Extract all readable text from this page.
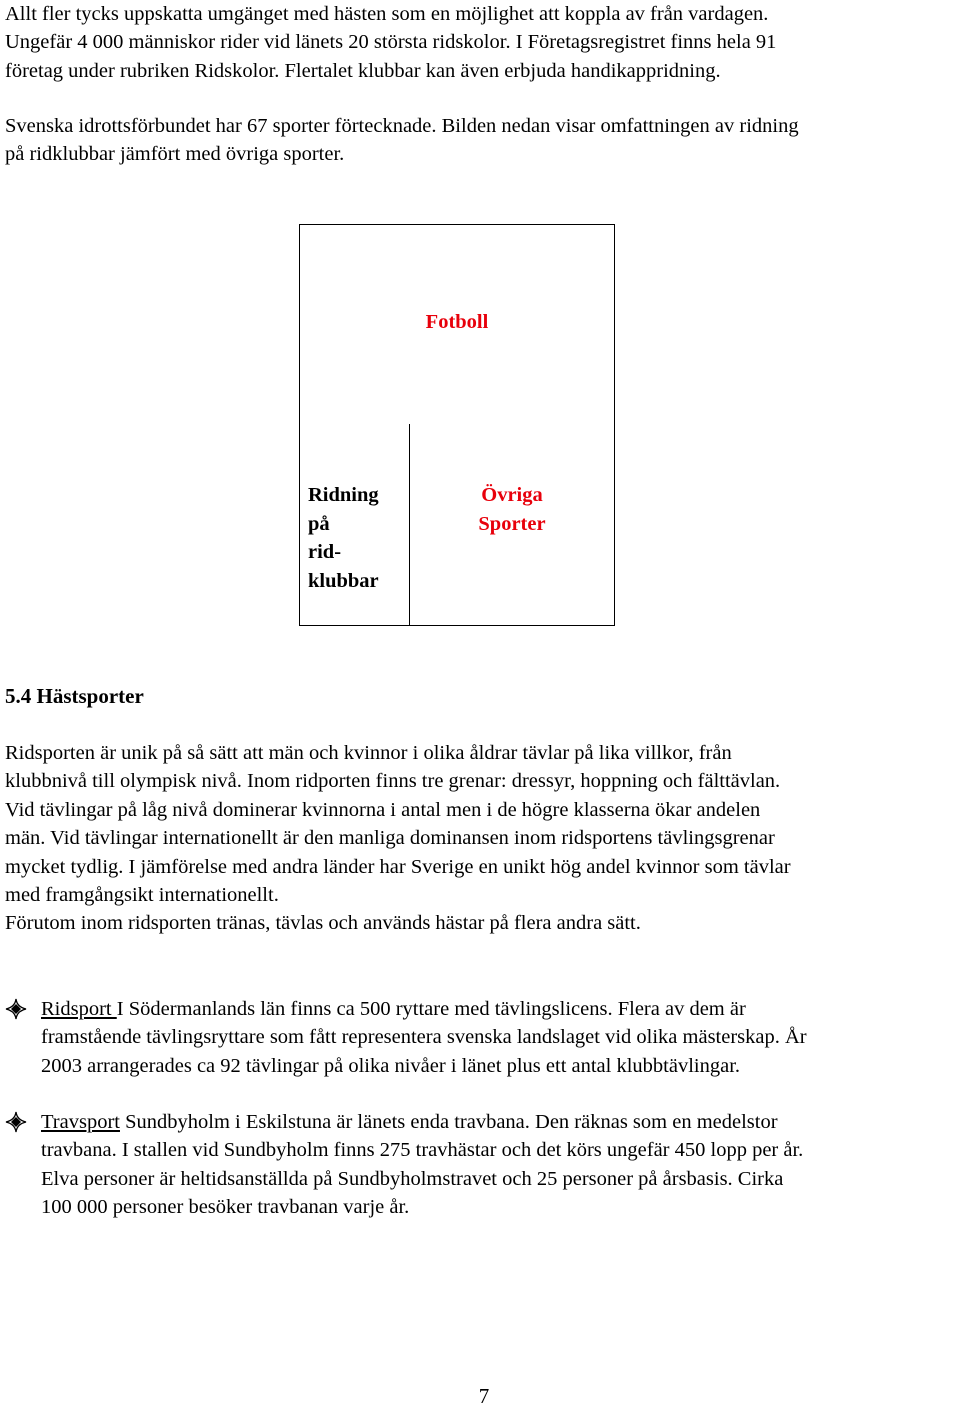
Allt fler tycks uppskatta umgänget med hästen som en möjlighet att koppla av från vardagen.
Ungefär 4 000 människor rider vid länets 20 största ridskolor. I Företagsregistret finns hela 91
företag under rubriken Ridskolor. Flertalet klubbar kan även erbjuda handikappridning.

Svenska idrottsförbundet har 67 sporter förtecknade. Bilden nedan visar omfattningen av ridning
på ridklubbar jämfört med övriga sporter.

Fotboll
Ridning
på
rid-
klubbar
Övriga
Sporter
5.4 Hästsporter

Ridsporten är unik på så sätt att män och kvinnor i olika åldrar tävlar på lika villkor, från
klubbnivå till olympisk nivå. Inom ridporten finns tre grenar: dressyr, hoppning och fälttävlan.
Vid tävlingar på låg nivå dominerar kvinnorna i antal men i de högre klasserna ökar andelen
män. Vid tävlingar internationellt är den manliga dominansen inom ridsportens tävlingsgrenar
mycket tydlig. I jämförelse med andra länder har Sverige en unikt hög andel kvinnor som tävlar
med framgångsikt internationellt.

Förutom inom ridsporten tränas, tävlas och används hästar på flera andra sätt.

Ridsport I Södermanlands län finns ca 500 ryttare med tävlingslicens. Flera av dem är
framstående tävlingsryttare som fått representera svenska landslaget vid olika mästerskap. År
2003 arrangerades ca 92 tävlingar på olika nivåer i länet plus ett antal klubbtävlingar.
Travsport Sundbyholm i Eskilstuna är länets enda travbana. Den räknas som en medelstor
travbana. I stallen vid Sundbyholm finns 275 travhästar och det körs ungefär 450 lopp per år.
Elva personer är heltidsanställda på Sundbyholmstravet och 25 personer på årsbasis. Cirka
100 000 personer besöker travbanan varje år.
7
